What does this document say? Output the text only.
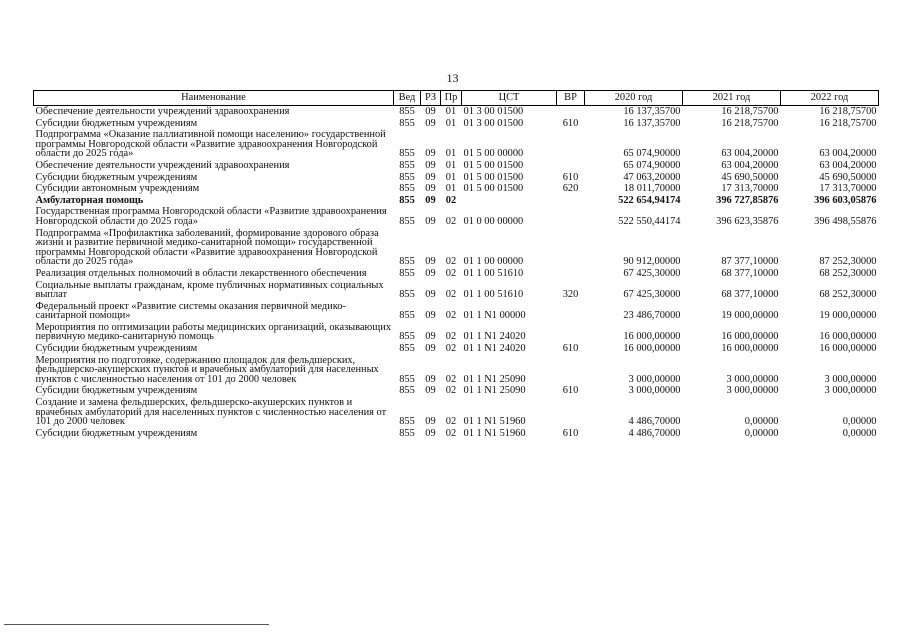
13
Наименование	Вед	РЗ	Пр	ЦСТ	ВР	2020 год	2021 год	2022 год
Обеспечение деятельности учреждений здравоохранения	855	09	01	01 3 00 01500		16 137,35700	16 218,75700	16 218,75700
Субсидии бюджетным учреждениям	855	09	01	01 3 00 01500	610	16 137,35700	16 218,75700	16 218,75700
Подпрограмма «Оказание паллиативной помощи населению» государственной программы Новгородской области «Развитие здравоохранения Новгородской области до 2025 года»	855	09	01	01 5 00 00000		65 074,90000	63 004,20000	63 004,20000
Обеспечение деятельности учреждений здравоохранения	855	09	01	01 5 00 01500		65 074,90000	63 004,20000	63 004,20000
Субсидии бюджетным учреждениям	855	09	01	01 5 00 01500	610	47 063,20000	45 690,50000	45 690,50000
Субсидии автономным учреждениям	855	09	01	01 5 00 01500	620	18 011,70000	17 313,70000	17 313,70000
Амбулаторная помощь	855	09	02			522 654,94174	396 727,85876	396 603,05876
Государственная программа Новгородской области «Развитие здравоохранения Новгородской области до 2025 года»	855	09	02	01 0 00 00000		522 550,44174	396 623,35876	396 498,55876
Подпрограмма «Профилактика заболеваний, формирование здорового образа жизни и развитие первичной медико-санитарной помощи» государственной программы Новгородской области «Развитие здравоохранения Новгородской области до 2025 года»	855	09	02	01 1 00 00000		90 912,00000	87 377,10000	87 252,30000
Реализация отдельных полномочий в области лекарственного обеспечения	855	09	02	01 1 00 51610		67 425,30000	68 377,10000	68 252,30000
Социальные выплаты гражданам, кроме публичных нормативных социальных выплат	855	09	02	01 1 00 51610	320	67 425,30000	68 377,10000	68 252,30000
Федеральный проект «Развитие системы оказания первичной медико-санитарной помощи»	855	09	02	01 1 N1 00000		23 486,70000	19 000,00000	19 000,00000
Мероприятия по оптимизации работы медицинских организаций, оказывающих первичную медико-санитарную помощь	855	09	02	01 1 N1 24020		16 000,00000	16 000,00000	16 000,00000
Субсидии бюджетным учреждениям	855	09	02	01 1 N1 24020	610	16 000,00000	16 000,00000	16 000,00000
Мероприятия по подготовке, содержанию площадок для фельдшерских, фельдшерско-акушерских пунктов и врачебных амбулаторий для населенных пунктов с численностью населения от 101 до 2000 человек	855	09	02	01 1 N1 25090		3 000,00000	3 000,00000	3 000,00000
Субсидии бюджетным учреждениям	855	09	02	01 1 N1 25090	610	3 000,00000	3 000,00000	3 000,00000
Создание и замена фельдшерских, фельдшерско-акушерских пунктов и врачебных амбулаторий для населенных пунктов с численностью населения от 101 до 2000 человек	855	09	02	01 1 N1 51960		4 486,70000	0,00000	0,00000
Субсидии бюджетным учреждениям	855	09	02	01 1 N1 51960	610	4 486,70000	0,00000	0,00000
